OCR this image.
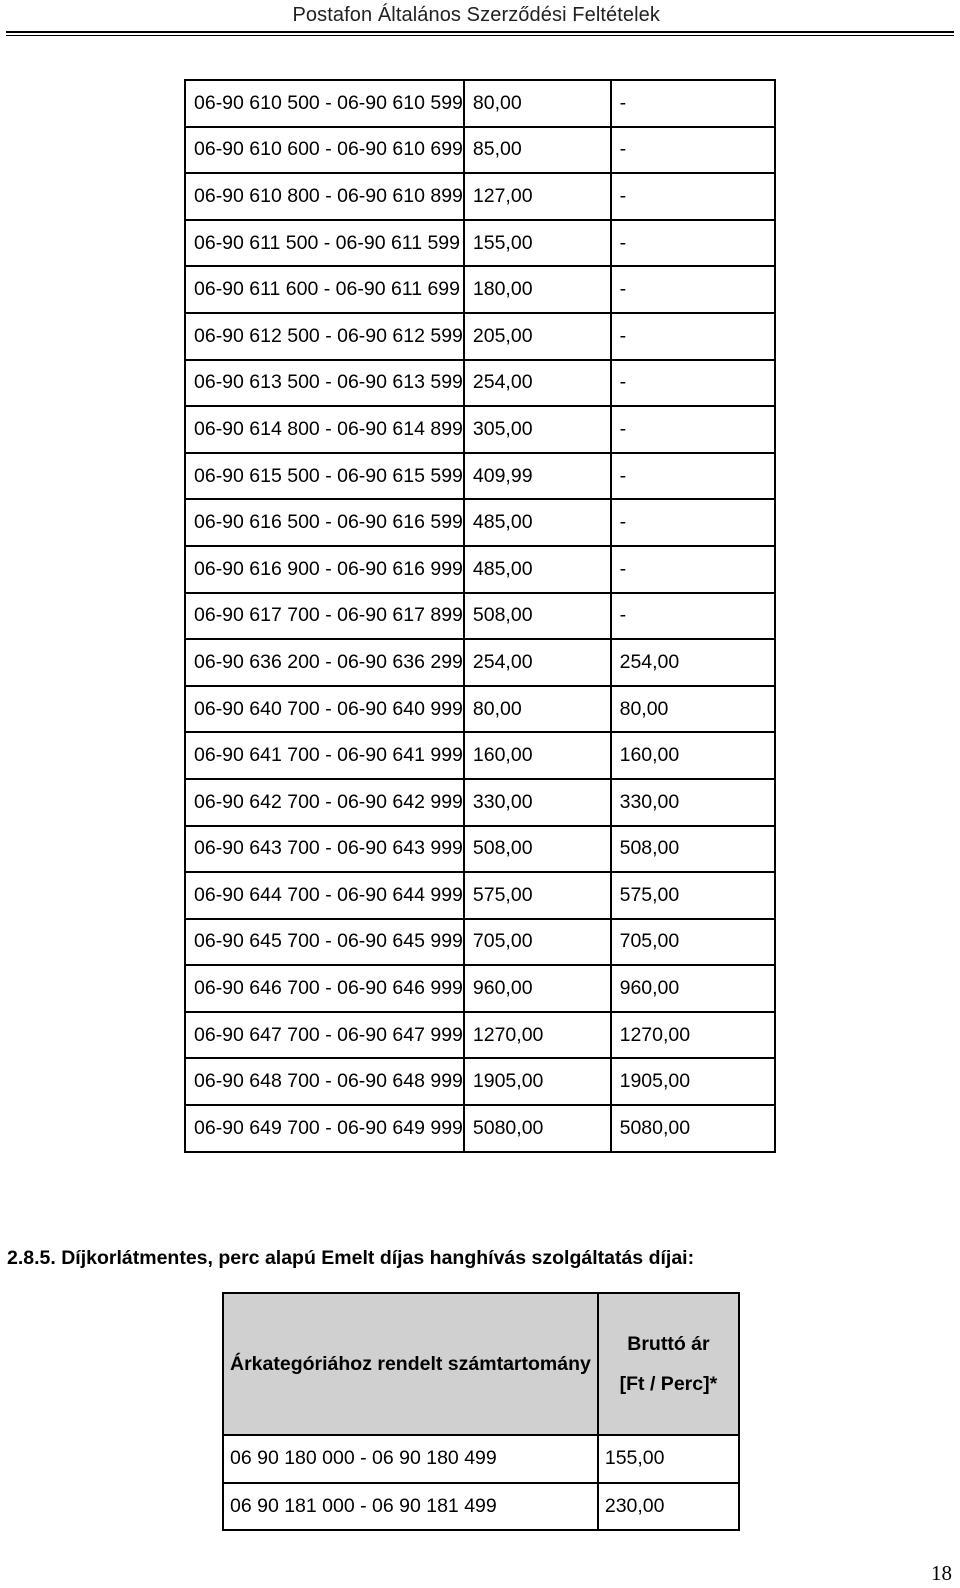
Postafon Általános Szerződési Feltételek
06-90 610 500 - 06-90 610 599	80,00	-
06-90 610 600 - 06-90 610 699	85,00	-
06-90 610 800 - 06-90 610 899	127,00	-
06-90 611 500 - 06-90 611 599	155,00	-
06-90 611 600 - 06-90 611 699	180,00	-
06-90 612 500 - 06-90 612 599	205,00	-
06-90 613 500 - 06-90 613 599	254,00	-
06-90 614 800 - 06-90 614 899	305,00	-
06-90 615 500 - 06-90 615 599	409,99	-
06-90 616 500 - 06-90 616 599	485,00	-
06-90 616 900 - 06-90 616 999	485,00	-
06-90 617 700 - 06-90 617 899	508,00	-
06-90 636 200 - 06-90 636 299	254,00	254,00
06-90 640 700 - 06-90 640 999	80,00	80,00
06-90 641 700 - 06-90 641 999	160,00	160,00
06-90 642 700 - 06-90 642 999	330,00	330,00
06-90 643 700 - 06-90 643 999	508,00	508,00
06-90 644 700 - 06-90 644 999	575,00	575,00
06-90 645 700 - 06-90 645 999	705,00	705,00
06-90 646 700 - 06-90 646 999	960,00	960,00
06-90 647 700 - 06-90 647 999	1270,00	1270,00
06-90 648 700 - 06-90 648 999	1905,00	1905,00
06-90 649 700 - 06-90 649 999	5080,00	5080,00
2.8.5. Díjkorlátmentes, perc alapú Emelt díjas hanghívás szolgáltatás díjai:
Árkategóriához rendelt számtartomány	Bruttó ár
[Ft / Perc]*

06 90 180 000 - 06 90 180 499	155,00
06 90 181 000 - 06 90 181 499	230,00
18
